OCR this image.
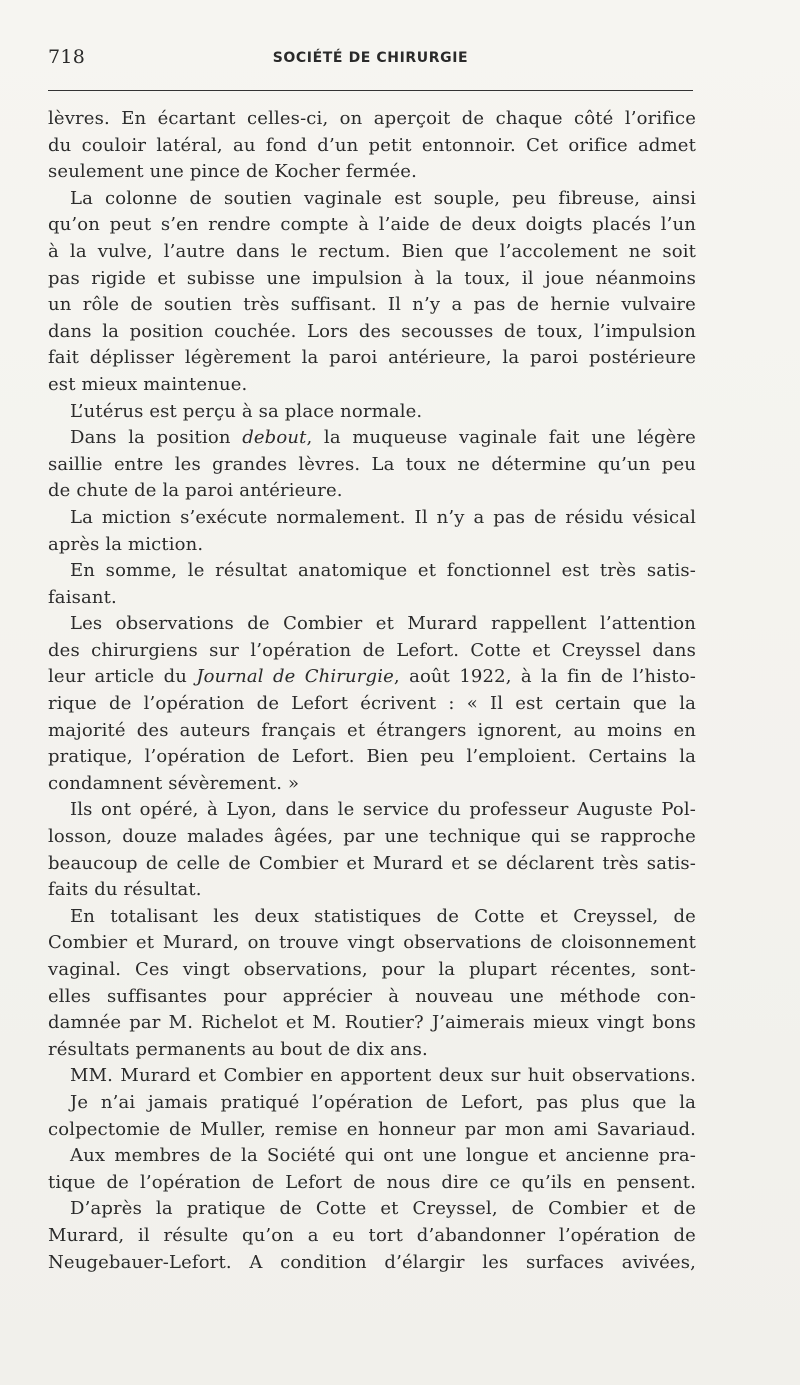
718	SOCIÉTÉ DE CHIRURGIE
lèvres. En écartant celles-ci, on aperçoit de chaque côté l’orifice
du couloir latéral, au fond d’un petit entonnoir. Cet orifice admet
seulement une pince de Kocher fermée.
La colonne de soutien vaginale est souple, peu fibreuse, ainsi
qu’on peut s’en rendre compte à l’aide de deux doigts placés l’un
à la vulve, l’autre dans le rectum. Bien que l’accolement ne soit
pas rigide et subisse une impulsion à la toux, il joue néanmoins
un rôle de soutien très suffisant. Il n’y a pas de hernie vulvaire
dans la position couchée. Lors des secousses de toux, l’impulsion
fait déplisser légèrement la paroi antérieure, la paroi postérieure
est mieux maintenue.
L’utérus est perçu à sa place normale.
Dans la position debout, la muqueuse vaginale fait une légère
saillie entre les grandes lèvres. La toux ne détermine qu’un peu
de chute de la paroi antérieure.
La miction s’exécute normalement. Il n’y a pas de résidu vésical
après la miction.
En somme, le résultat anatomique et fonctionnel est très satis-
faisant.
Les observations de Combier et Murard rappellent l’attention
des chirurgiens sur l’opération de Lefort. Cotte et Creyssel dans
leur article du Journal de Chirurgie, août 1922, à la fin de l’histo-
rique de l’opération de Lefort écrivent : « Il est certain que la
majorité des auteurs français et étrangers ignorent, au moins en
pratique, l’opération de Lefort. Bien peu l’emploient. Certains la
condamnent sévèrement. »
Ils ont opéré, à Lyon, dans le service du professeur Auguste Pol-
losson, douze malades âgées, par une technique qui se rapproche
beaucoup de celle de Combier et Murard et se déclarent très satis-
faits du résultat.
En totalisant les deux statistiques de Cotte et Creyssel, de
Combier et Murard, on trouve vingt observations de cloisonnement
vaginal. Ces vingt observations, pour la plupart récentes, sont-
elles suffisantes pour apprécier à nouveau une méthode con-
damnée par M. Richelot et M. Routier? J’aimerais mieux vingt bons
résultats permanents au bout de dix ans.
MM. Murard et Combier en apportent deux sur huit observations.
Je n’ai jamais pratiqué l’opération de Lefort, pas plus que la
colpectomie de Muller, remise en honneur par mon ami Savariaud.
Aux membres de la Société qui ont une longue et ancienne pra-
tique de l’opération de Lefort de nous dire ce qu’ils en pensent.
D’après la pratique de Cotte et Creyssel, de Combier et de
Murard, il résulte qu’on a eu tort d’abandonner l’opération de
Neugebauer-Lefort. A condition d’élargir les surfaces avivées,
